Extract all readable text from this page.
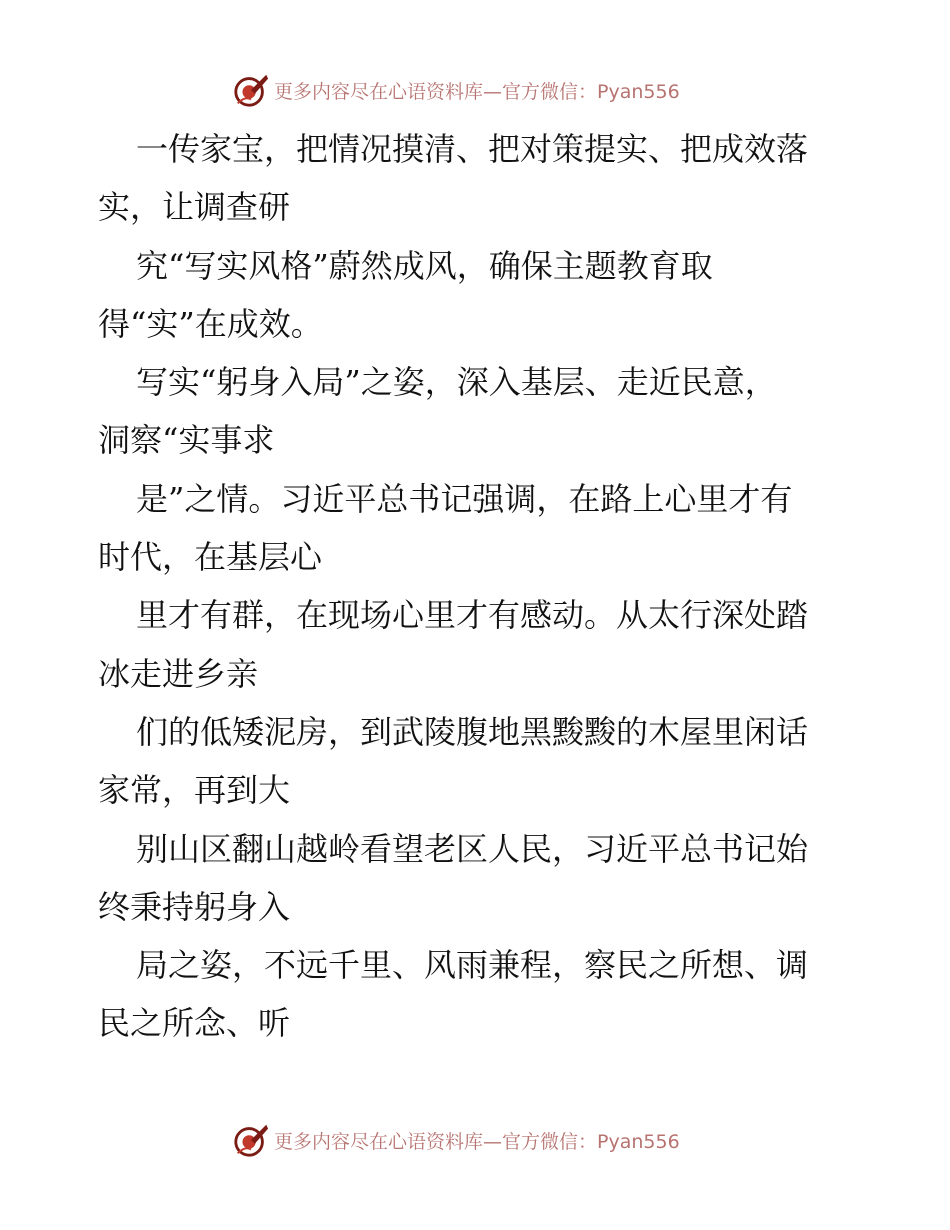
更多内容尽在心语资料库—官方微信：Pyan556
一传家宝，把情况摸清、把对策提实、把成效落
实，让调查研
究“写实风格”蔚然成风，确保主题教育取
得“实”在成效。
写实“躬身入局”之姿，深入基层、走近民意，
洞察“实事求
是”之情。习近平总书记强调，在路上心里才有
时代，在基层心
里才有群，在现场心里才有感动。从太行深处踏
冰走进乡亲
们的低矮泥房，到武陵腹地黑黢黢的木屋里闲话
家常，再到大
别山区翻山越岭看望老区人民，习近平总书记始
终秉持躬身入
局之姿，不远千里、风雨兼程，察民之所想、调
民之所念、听
更多内容尽在心语资料库—官方微信：Pyan556
